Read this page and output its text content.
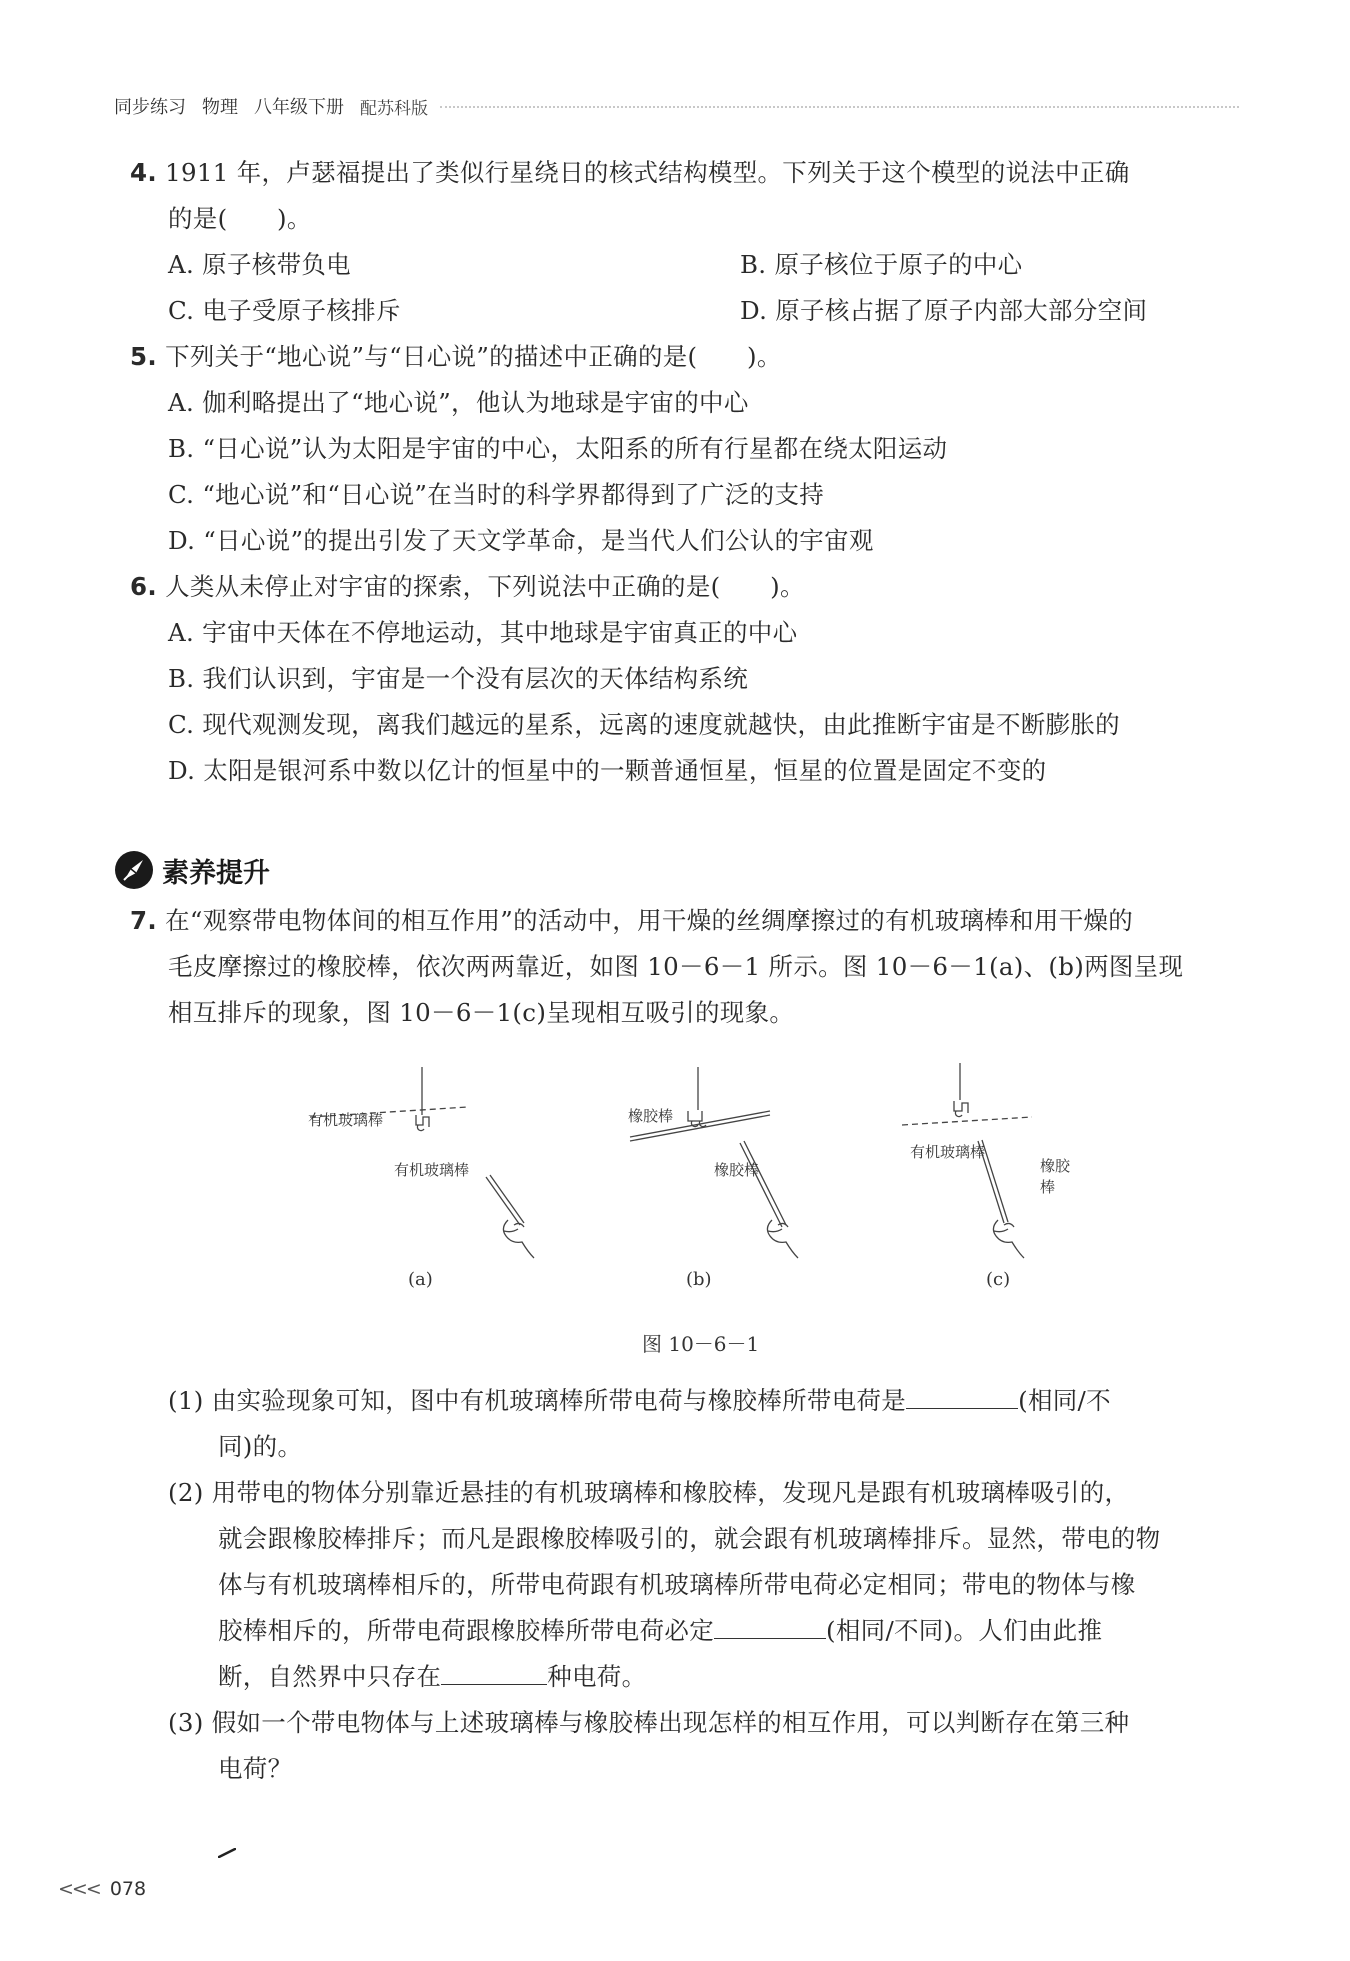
同步练习 物理 八年级下册 配苏科版
4. 1911 年，卢瑟福提出了类似行星绕日的核式结构模型。下列关于这个模型的说法中正确
的是(　　)。
A. 原子核带负电	B. 原子核位于原子的中心
C. 电子受原子核排斥	D. 原子核占据了原子内部大部分空间
5. 下列关于“地心说”与“日心说”的描述中正确的是(　　)。
A. 伽利略提出了“地心说”，他认为地球是宇宙的中心
B. “日心说”认为太阳是宇宙的中心，太阳系的所有行星都在绕太阳运动
C. “地心说”和“日心说”在当时的科学界都得到了广泛的支持
D. “日心说”的提出引发了天文学革命，是当代人们公认的宇宙观
6. 人类从未停止对宇宙的探索，下列说法中正确的是(　　)。
A. 宇宙中天体在不停地运动，其中地球是宇宙真正的中心
B. 我们认识到，宇宙是一个没有层次的天体结构系统
C. 现代观测发现，离我们越远的星系，远离的速度就越快，由此推断宇宙是不断膨胀的
D. 太阳是银河系中数以亿计的恒星中的一颗普通恒星，恒星的位置是固定不变的
素养提升
7. 在“观察带电物体间的相互作用”的活动中，用干燥的丝绸摩擦过的有机玻璃棒和用干燥的
毛皮摩擦过的橡胶棒，依次两两靠近，如图 10－6－1 所示。图 10－6－1(a)、(b)两图呈现
相互排斥的现象，图 10－6－1(c)呈现相互吸引的现象。
有机玻璃棒
有机玻璃棒
橡胶棒
橡胶棒
有机玻璃棒
橡胶棒
(a)	(b)	(c)
图 10－6－1
(1) 由实验现象可知，图中有机玻璃棒所带电荷与橡胶棒所带电荷是	(相同/不
同)的。
(2) 用带电的物体分别靠近悬挂的有机玻璃棒和橡胶棒，发现凡是跟有机玻璃棒吸引的，
就会跟橡胶棒排斥；而凡是跟橡胶棒吸引的，就会跟有机玻璃棒排斥。显然，带电的物
体与有机玻璃棒相斥的，所带电荷跟有机玻璃棒所带电荷必定相同；带电的物体与橡
胶棒相斥的，所带电荷跟橡胶棒所带电荷必定	(相同/不同)。人们由此推
断，自然界中只存在	种电荷。
(3) 假如一个带电物体与上述玻璃棒与橡胶棒出现怎样的相互作用，可以判断存在第三种
电荷？
<<< 078
